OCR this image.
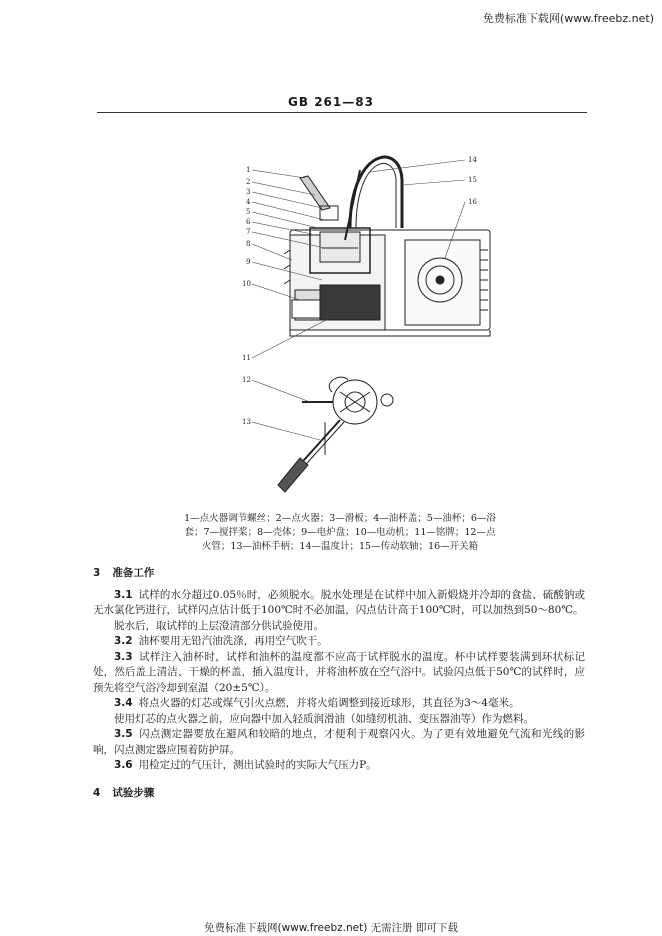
免费标准下载网(www.freebz.net)
GB 261—83
1
2
3
4
5
6
7
8
9
10
11
12
13
14
15
16
1—点火器调节螺丝；2—点火器；3—滑板；4—油杯盖；5—油杯；6—浴
套；7—搅拌桨；8—壳体；9—电炉盘；10—电动机；11—铭牌；12—点
火管；13—油杯手柄；14—温度计；15—传动软轴；16—开关箱
3 准备工作

3.1 试样的水分超过0.05％时，必须脱水。脱水处理是在试样中加入新煅烧并冷却的食盐、硫酸钠或无水氯化钙进行，试样闪点估计低于100℃时不必加温，闪点估计高于100℃时，可以加热到50～80℃。

脱水后，取试样的上层澄清部分供试验使用。

3.2 油杯要用无铅汽油洗涤，再用空气吹干。

3.3 试样注入油杯时，试样和油杯的温度都不应高于试样脱水的温度。杯中试样要装满到环状标记处，然后盖上清洁、干燥的杯盖，插入温度计，并将油杯放在空气浴中。试验闪点低于50℃的试样时，应预先将空气浴冷却到室温（20±5℃）。

3.4 将点火器的灯芯或煤气引火点燃，并将火焰调整到接近球形，其直径为3～4毫米。

使用灯芯的点火器之前，应向器中加入轻质润滑油（如缝纫机油、变压器油等）作为燃料。

3.5 闪点测定器要放在避风和较暗的地点，才便利于观察闪火。为了更有效地避免气流和光线的影响，闪点测定器应围着防护屏。

3.6 用检定过的气压计，测出试验时的实际大气压力P。

4 试验步骤
免费标准下载网(www.freebz.net) 无需注册 即可下载
